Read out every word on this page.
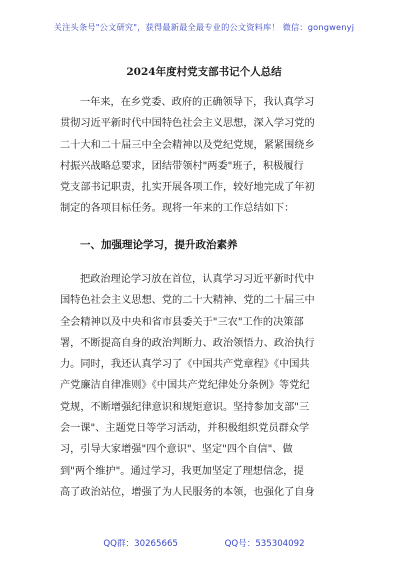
关注头条号"公文研究"，获得最新最全最专业的公文资料库！ 微信：gongwenyj
2024年度村党支部书记个人总结
一年来，在乡党委、政府的正确领导下，我认真学习
贯彻习近平新时代中国特色社会主义思想，深入学习党的
二十大和二十届三中全会精神以及党纪党规，紧紧围绕乡
村振兴战略总要求，团结带领村"两委"班子，积极履行
党支部书记职责，扎实开展各项工作，较好地完成了年初
制定的各项目标任务。现将一年来的工作总结如下：
一、加强理论学习，提升政治素养
把政治理论学习放在首位，认真学习习近平新时代中
国特色社会主义思想、党的二十大精神、党的二十届三中
全会精神以及中央和省市县委关于"三农"工作的决策部
署，不断提高自身的政治判断力、政治领悟力、政治执行
力。同时，我还认真学习了《中国共产党章程》《中国共
产党廉洁自律准则》《中国共产党纪律处分条例》等党纪
党规，不断增强纪律意识和规矩意识。坚持参加支部"三
会一课"、主题党日等学习活动，并积极组织党员群众学
习，引导大家增强"四个意识"、坚定"四个自信"、做
到"两个维护"。通过学习，我更加坚定了理想信念，提
高了政治站位，增强了为人民服务的本领，也强化了自身
QQ群：30265665	QQ号：535304092
